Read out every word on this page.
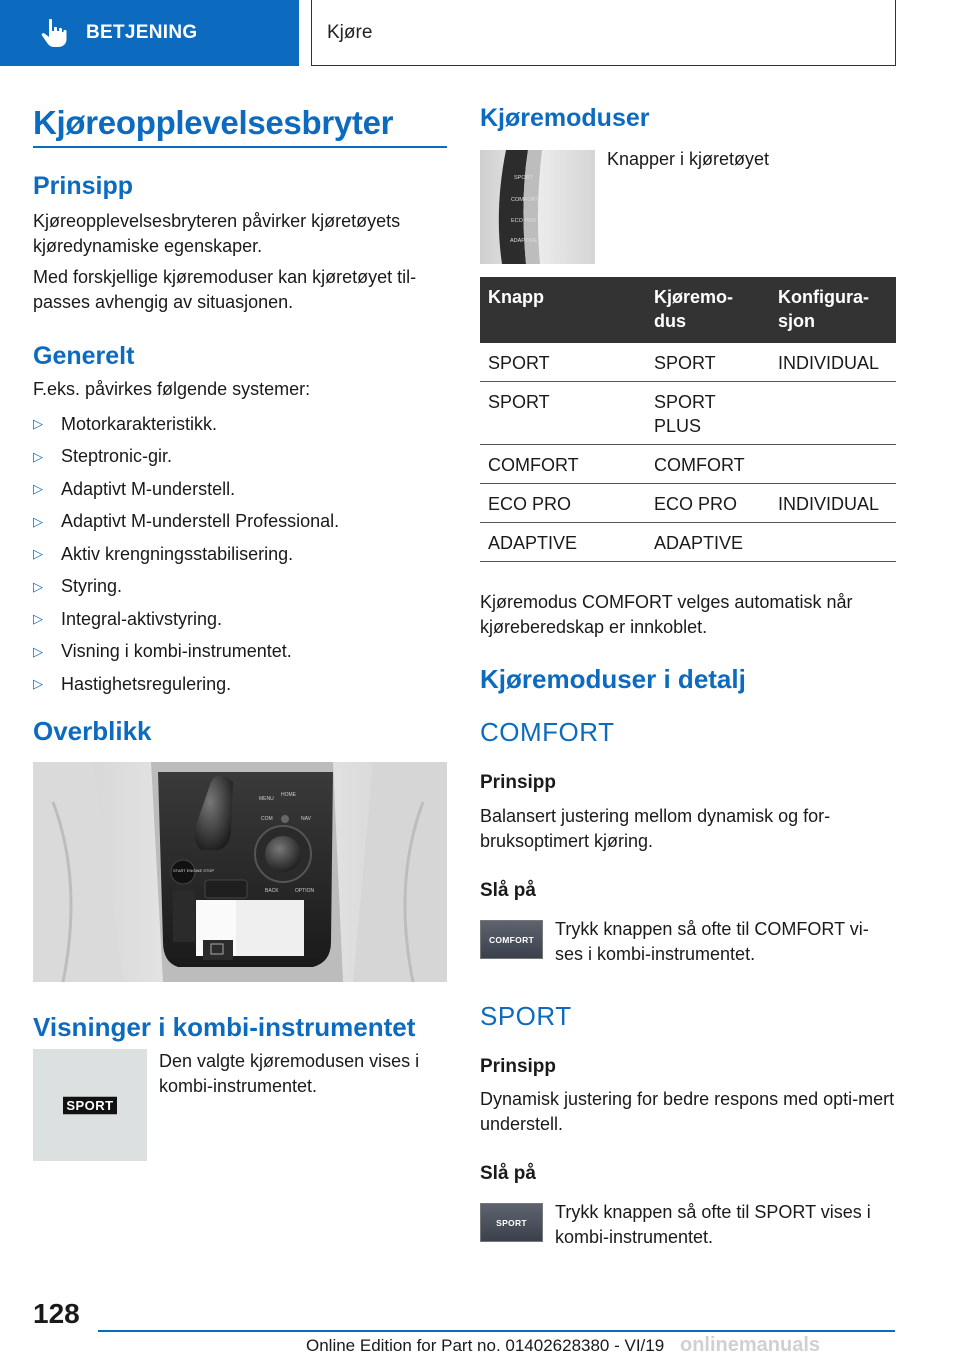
BETJENING	Kjøre
Kjøreopplevelsesbryter
Prinsipp
Kjøreopplevelsesbryteren påvirker kjøretøyets kjøredynamiske egenskaper.
Med forskjellige kjøremoduser kan kjøretøyet til-passes avhengig av situasjonen.
Generelt
F.eks. påvirkes følgende systemer:
▷	Motorkarakteristikk.
▷	Steptronic-gir.
▷	Adaptivt M-understell.
▷	Adaptivt M-understell Professional.
▷	Aktiv krengningsstabilisering.
▷	Styring.
▷	Integral-aktivstyring.
▷	Visning i kombi-instrumentet.
▷	Hastighetsregulering.
Overblikk
MENU
HOME
BACK	OPTION
COM	NAV
START ENGINE STOP
Visninger i kombi-instrumentet
SPORT
Den valgte kjøremodusen vises i kombi-instrumentet.
Kjøremoduser
SPORT
COMFORT
ECO PRO
ADAPTIVE
Knapper i kjøretøyet
Knapp	Kjøremo-dus	Konfigura-sjon
SPORT	SPORT	INDIVIDUAL
SPORT	SPORT PLUS	
COMFORT	COMFORT	
ECO PRO	ECO PRO	INDIVIDUAL
ADAPTIVE	ADAPTIVE	
Kjøremodus COMFORT velges automatisk når kjøreberedskap er innkoblet.
Kjøremoduser i detalj
COMFORT
Prinsipp
Balansert justering mellom dynamisk og for-bruksoptimert kjøring.
Slå på
COMFORT
Trykk knappen så ofte til COMFORT vi-ses i kombi-instrumentet.
SPORT
Prinsipp
Dynamisk justering for bedre respons med opti-mert understell.
Slå på
SPORT
Trykk knappen så ofte til SPORT vises i kombi-instrumentet.
128
Online Edition for Part no. 01402628380 - VI/19 onlinemanuals
